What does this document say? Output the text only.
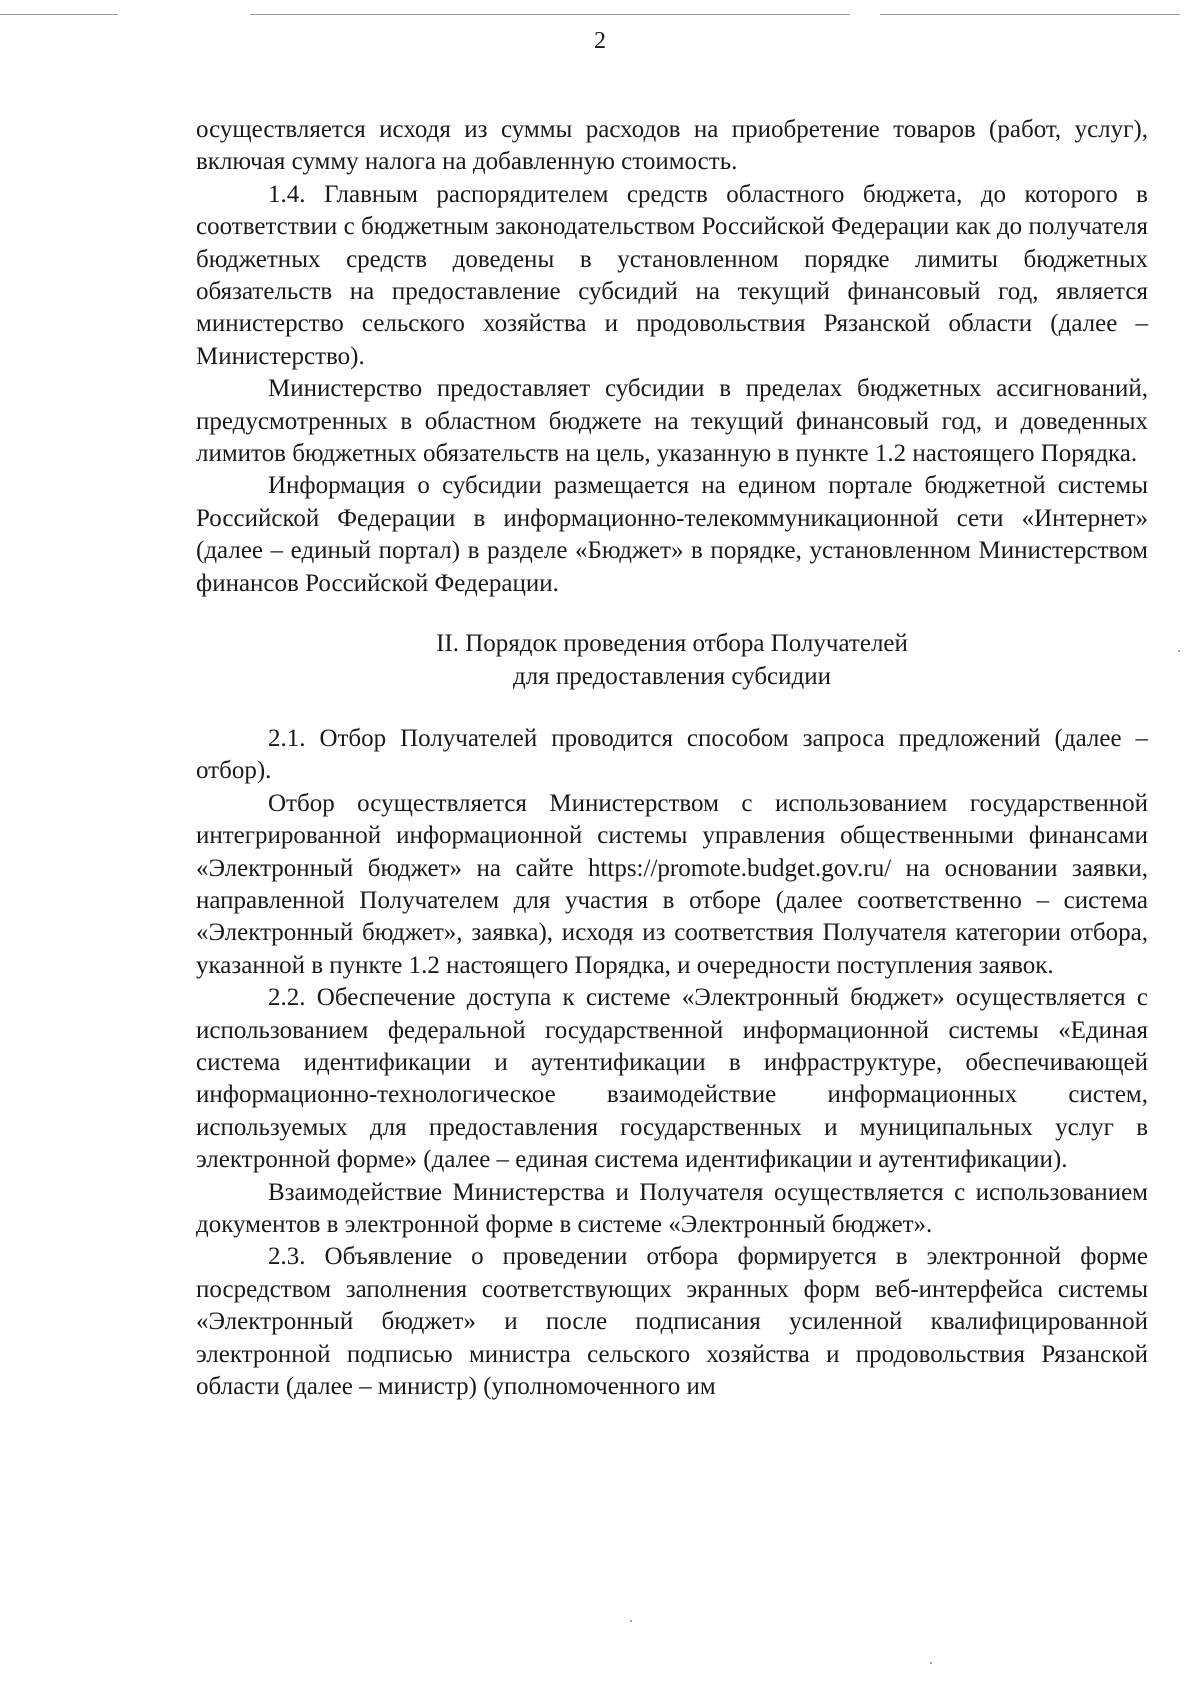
2

осуществляется исходя из суммы расходов на приобретение товаров (работ, услуг), включая сумму налога на добавленную стоимость.

1.4. Главным распорядителем средств областного бюджета, до которого в соответствии с бюджетным законодательством Российской Федерации как до получателя бюджетных средств доведены в установленном порядке лимиты бюджетных обязательств на предоставление субсидий на текущий финансовый год, является министерство сельского хозяйства и продовольствия Рязанской области (далее – Министерство).

Министерство предоставляет субсидии в пределах бюджетных ассигнований, предусмотренных в областном бюджете на текущий финансовый год, и доведенных лимитов бюджетных обязательств на цель, указанную в пункте 1.2 настоящего Порядка.

Информация о субсидии размещается на едином портале бюджетной системы Российской Федерации в информационно-телекоммуникационной сети «Интернет» (далее – единый портал) в разделе «Бюджет» в порядке, установленном Министерством финансов Российской Федерации.

II. Порядок проведения отбора Получателей
для предоставления субсидии

2.1. Отбор Получателей проводится способом запроса предложений (далее – отбор).

Отбор осуществляется Министерством с использованием государственной интегрированной информационной системы управления общественными финансами «Электронный бюджет» на сайте https://promote.budget.gov.ru/ на основании заявки, направленной Получателем для участия в отборе (далее соответственно – система «Электронный бюджет», заявка), исходя из соответствия Получателя категории отбора, указанной в пункте 1.2 настоящего Порядка, и очередности поступления заявок.

2.2. Обеспечение доступа к системе «Электронный бюджет» осуществляется с использованием федеральной государственной информационной системы «Единая система идентификации и аутентификации в инфраструктуре, обеспечивающей информационно-технологическое взаимодействие информационных систем, используемых для предоставления государственных и муниципальных услуг в электронной форме» (далее – единая система идентификации и аутентификации).

Взаимодействие Министерства и Получателя осуществляется с использованием документов в электронной форме в системе «Электронный бюджет».

2.3. Объявление о проведении отбора формируется в электронной форме посредством заполнения соответствующих экранных форм веб-интерфейса системы «Электронный бюджет» и после подписания усиленной квалифицированной электронной подписью министра сельского хозяйства и продовольствия Рязанской области (далее – министр) (уполномоченного им
